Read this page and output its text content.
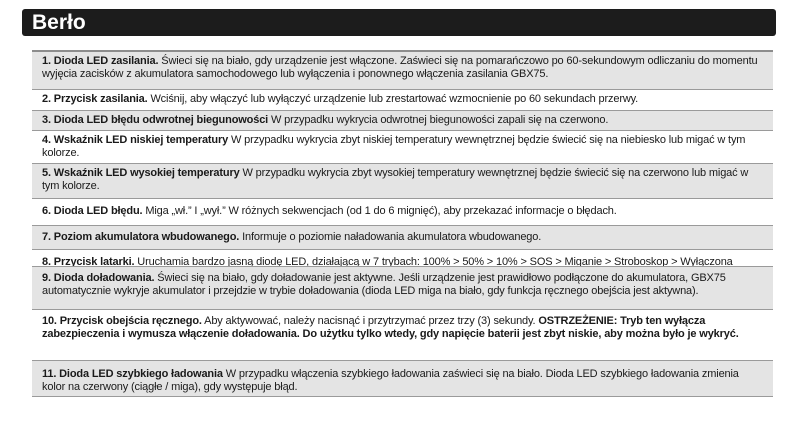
Berło
1. Dioda LED zasilania. Świeci się na biało, gdy urządzenie jest włączone. Zaświeci się na pomarańczowo po 60-sekundowym odliczaniu do momentu wyjęcia zacisków z akumulatora samochodowego lub wyłączenia i ponownego włączenia zasilania GBX75.
2. Przycisk zasilania. Wciśnij, aby włączyć lub wyłączyć urządzenie lub zrestartować wzmocnienie po 60 sekundach przerwy.
3. Dioda LED błędu odwrotnej biegunowości W przypadku wykrycia odwrotnej biegunowości zapali się na czerwono.
4. Wskaźnik LED niskiej temperatury W przypadku wykrycia zbyt niskiej temperatury wewnętrznej będzie świecić się na niebiesko lub migać w tym kolorze.
5. Wskaźnik LED wysokiej temperatury W przypadku wykrycia zbyt wysokiej temperatury wewnętrznej będzie świecić się na czerwono lub migać w tym kolorze.
6. Dioda LED błędu. Miga „wł.” I „wył.” W różnych sekwencjach (od 1 do 6 mignięć), aby przekazać informacje o błędach.
7. Poziom akumulatora wbudowanego. Informuje o poziomie naładowania akumulatora wbudowanego.
8. Przycisk latarki. Uruchamia bardzo jasną diodę LED, działającą w 7 trybach: 100% > 50% > 10% > SOS > Miganie > Stroboskop > Wyłączona
9. Dioda doładowania. Świeci się na biało, gdy doładowanie jest aktywne. Jeśli urządzenie jest prawidłowo podłączone do akumulatora, GBX75 automatycznie wykryje akumulator i przejdzie w trybie doładowania (dioda LED miga na biało, gdy funkcja ręcznego obejścia jest aktywna).
10. Przycisk obejścia ręcznego. Aby aktywować, należy nacisnąć i przytrzymać przez trzy (3) sekundy. OSTRZEŻENIE: Tryb ten wyłącza zabezpieczenia i wymusza włączenie doładowania. Do użytku tylko wtedy, gdy napięcie baterii jest zbyt niskie, aby można było je wykryć.
11. Dioda LED szybkiego ładowania W przypadku włączenia szybkiego ładowania zaświeci się na biało. Dioda LED szybkiego ładowania zmienia kolor na czerwony (ciągłe / miga), gdy występuje błąd.
